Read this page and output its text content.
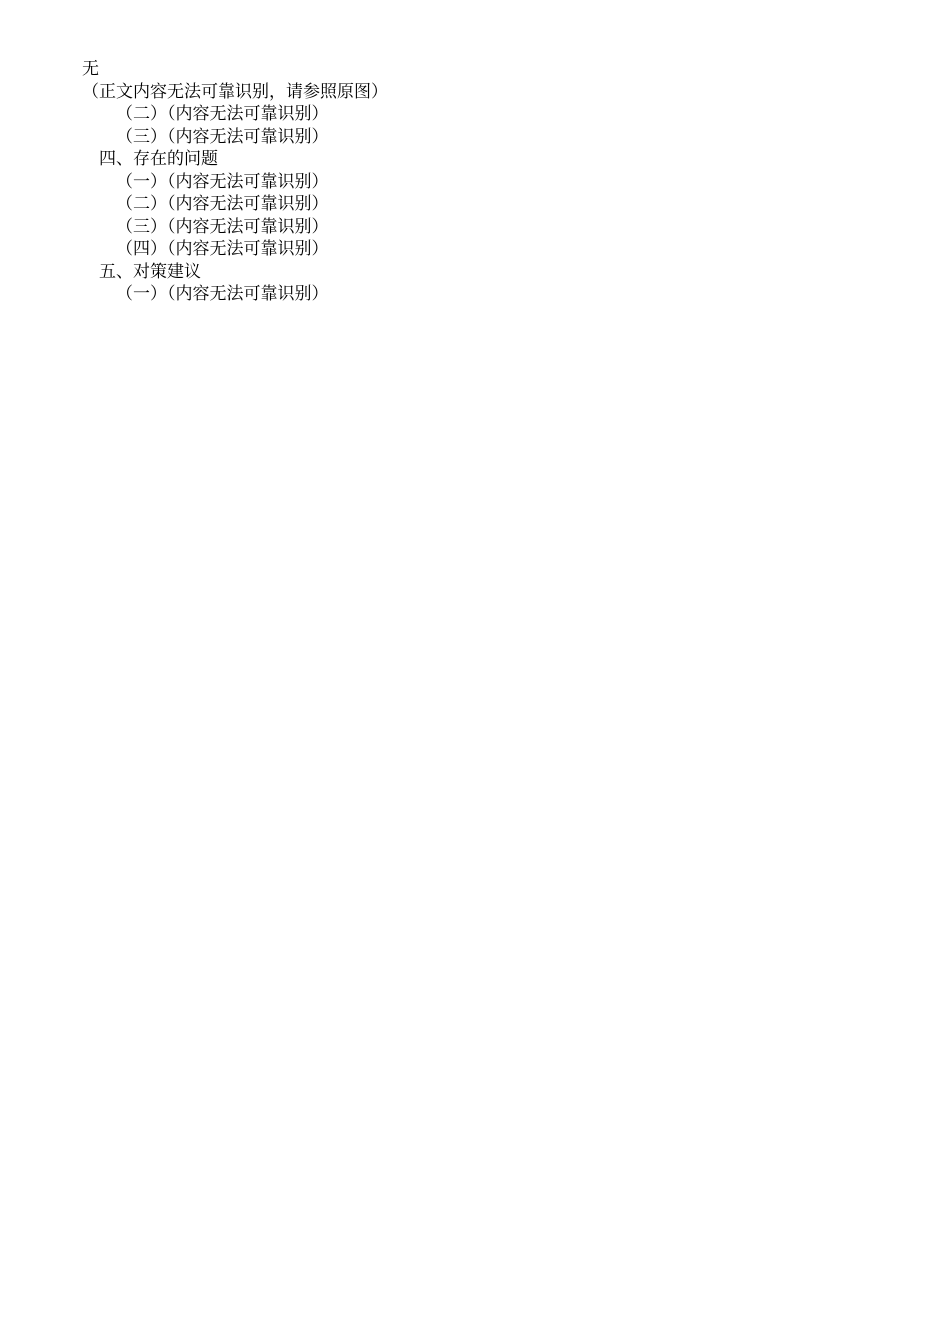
无

（正文内容无法可靠识别，请参照原图）

（二）（内容无法可靠识别）

（三）（内容无法可靠识别）

四、存在的问题

（一）（内容无法可靠识别）

（二）（内容无法可靠识别）

（三）（内容无法可靠识别）

（四）（内容无法可靠识别）

五、对策建议

（一）（内容无法可靠识别）
